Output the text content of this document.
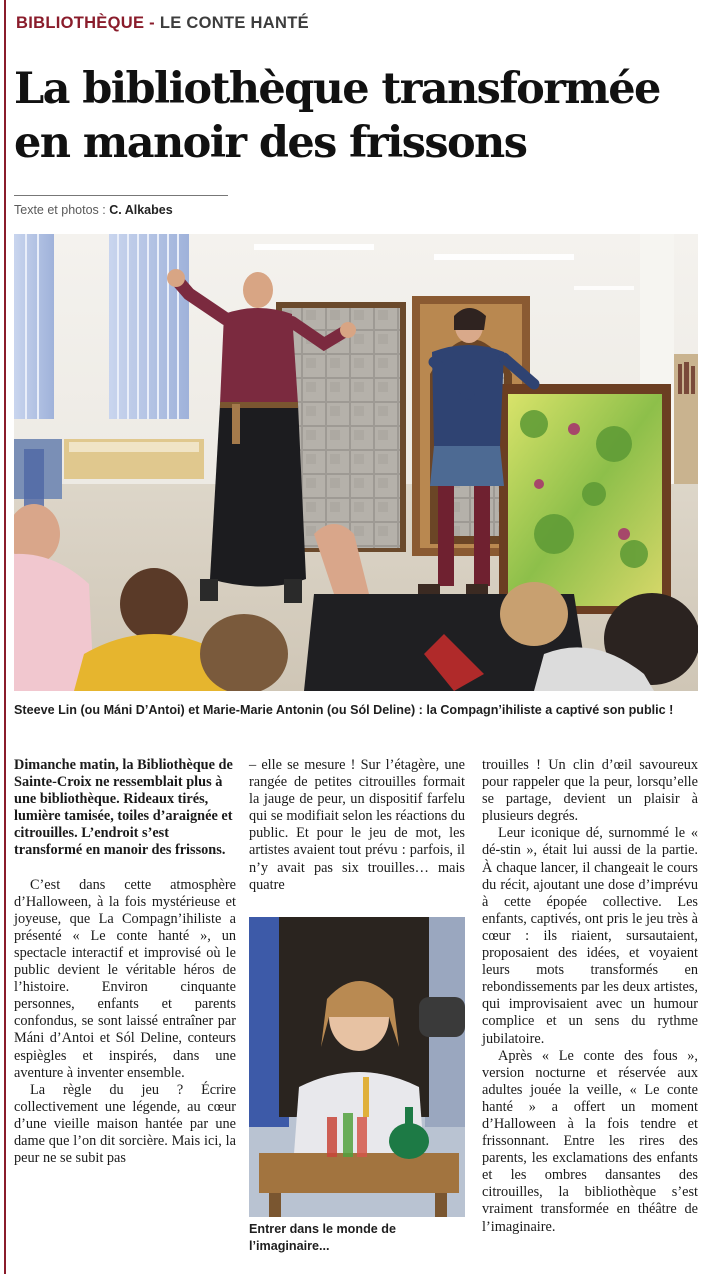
BIBLIOTHÈQUE - LE CONTE HANTÉ
La bibliothèque transformée
en manoir des frissons
Texte et photos : C. Alkabes
Steeve Lin (ou Máni D’Antoi) et Marie-Marie Antonin (ou Sól Deline) : la Compagn’ihiliste a captivé son public !

Dimanche matin, la Bibliothèque de Sainte-Croix ne ressemblait plus à une bibliothèque. Rideaux tirés, lumière tamisée, toiles d’araignée et citrouilles. L’endroit s’est transformé en manoir des frissons.

C’est dans cette atmosphère d’Halloween, à la fois mystérieuse et joyeuse, que La Compagn’ihiliste a présenté « Le conte hanté », un spectacle interactif et improvisé où le public devient le véritable héros de l’histoire. Environ cinquante personnes, enfants et parents confondus, se sont laissé entraîner par Máni d’Antoi et Sól Deline, conteurs espiègles et inspirés, dans une aventure à inventer ensemble.

La règle du jeu ? Écrire collectivement une légende, au cœur d’une vieille maison hantée par une dame que l’on dit sorcière. Mais ici, la peur ne se subit pas

– elle se mesure ! Sur l’étagère, une rangée de petites citrouilles formait la jauge de peur, un dispositif farfelu qui se modifiait selon les réactions du public. Et pour le jeu de mot, les artistes avaient tout prévu : parfois, il n’y avait pas six trouilles… mais quatre

Entrer dans le monde de l’imaginaire...

trouilles ! Un clin d’œil savoureux pour rappeler que la peur, lorsqu’elle se partage, devient un plaisir à plusieurs degrés.

Leur iconique dé, surnommé le « dé-stin », était lui aussi de la partie. À chaque lancer, il changeait le cours du récit, ajoutant une dose d’imprévu à cette épopée collective. Les enfants, captivés, ont pris le jeu très à cœur : ils riaient, sursautaient, proposaient des idées, et voyaient leurs mots transformés en rebondissements par les deux artistes, qui improvisaient avec un humour complice et un sens du rythme jubilatoire.

Après « Le conte des fous », version nocturne et réservée aux adultes jouée la veille, « Le conte hanté » a offert un moment d’Halloween à la fois tendre et frissonnant. Entre les rires des parents, les exclamations des enfants et les ombres dansantes des citrouilles, la bibliothèque s’est vraiment transformée en théâtre de l’imaginaire.
